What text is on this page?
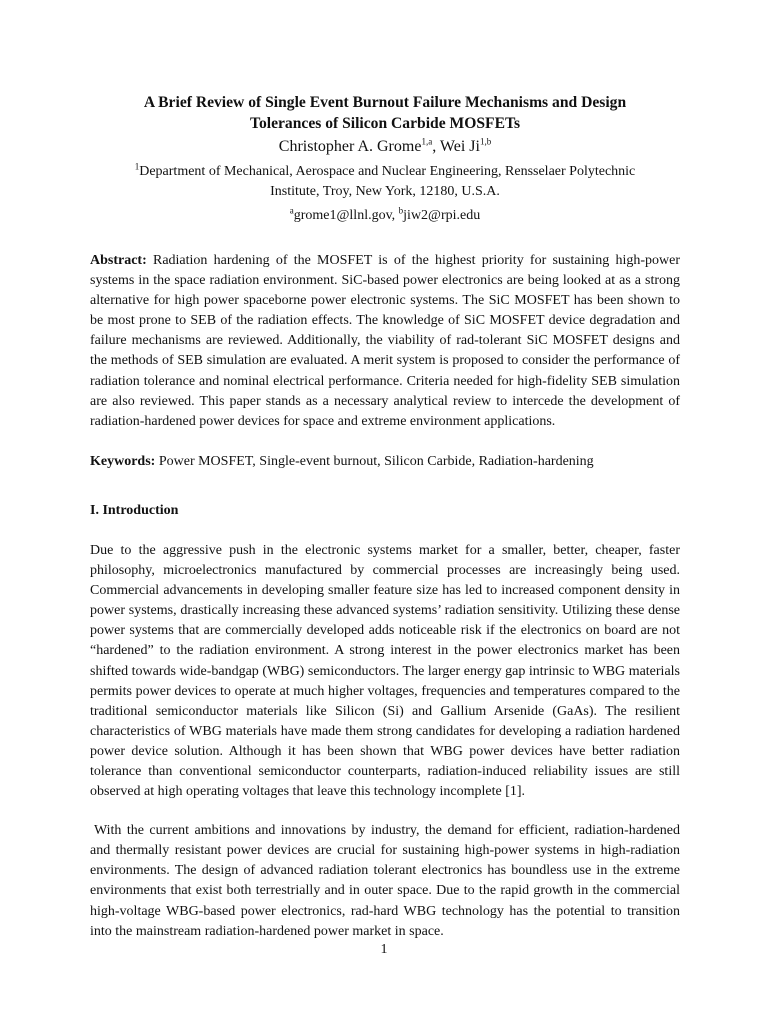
A Brief Review of Single Event Burnout Failure Mechanisms and Design
Tolerances of Silicon Carbide MOSFETs
Christopher A. Grome$^{1,a}$, Wei Ji$^{1,b}$
$^1$Department of Mechanical, Aerospace and Nuclear Engineering, Rensselaer Polytechnic
Institute, Troy, New York, 12180, U.S.A.
$^a$grome1@llnl.gov, $^b$jiw2@rpi.edu

Abstract: Radiation hardening of the MOSFET is of the highest priority for sustaining high-power systems in the space radiation environment. SiC-based power electronics are being looked at as a strong alternative for high power spaceborne power electronic systems. The SiC MOSFET has been shown to be most prone to SEB of the radiation effects. The knowledge of SiC MOSFET device degradation and failure mechanisms are reviewed. Additionally, the viability of rad-tolerant SiC MOSFET designs and the methods of SEB simulation are evaluated. A merit system is proposed to consider the performance of radiation tolerance and nominal electrical performance. Criteria needed for high-fidelity SEB simulation are also reviewed. This paper stands as a necessary analytical review to intercede the development of radiation-hardened power devices for space and extreme environment applications.

Keywords: Power MOSFET, Single-event burnout, Silicon Carbide, Radiation-hardening

I. Introduction

Due to the aggressive push in the electronic systems market for a smaller, better, cheaper, faster philosophy, microelectronics manufactured by commercial processes are increasingly being used. Commercial advancements in developing smaller feature size has led to increased component density in power systems, drastically increasing these advanced systems’ radiation sensitivity. Utilizing these dense power systems that are commercially developed adds noticeable risk if the electronics on board are not “hardened” to the radiation environment. A strong interest in the power electronics market has been shifted towards wide-bandgap (WBG) semiconductors. The larger energy gap intrinsic to WBG materials permits power devices to operate at much higher voltages, frequencies and temperatures compared to the traditional semiconductor materials like Silicon (Si) and Gallium Arsenide (GaAs). The resilient characteristics of WBG materials have made them strong candidates for developing a radiation hardened power device solution. Although it has been shown that WBG power devices have better radiation tolerance than conventional semiconductor counterparts, radiation-induced reliability issues are still observed at high operating voltages that leave this technology incomplete [1].

With the current ambitions and innovations by industry, the demand for efficient, radiation-hardened and thermally resistant power devices are crucial for sustaining high-power systems in high-radiation environments. The design of advanced radiation tolerant electronics has boundless use in the extreme environments that exist both terrestrially and in outer space. Due to the rapid growth in the commercial high-voltage WBG-based power electronics, rad-hard WBG technology has the potential to transition into the mainstream radiation-hardened power market in space.

1
